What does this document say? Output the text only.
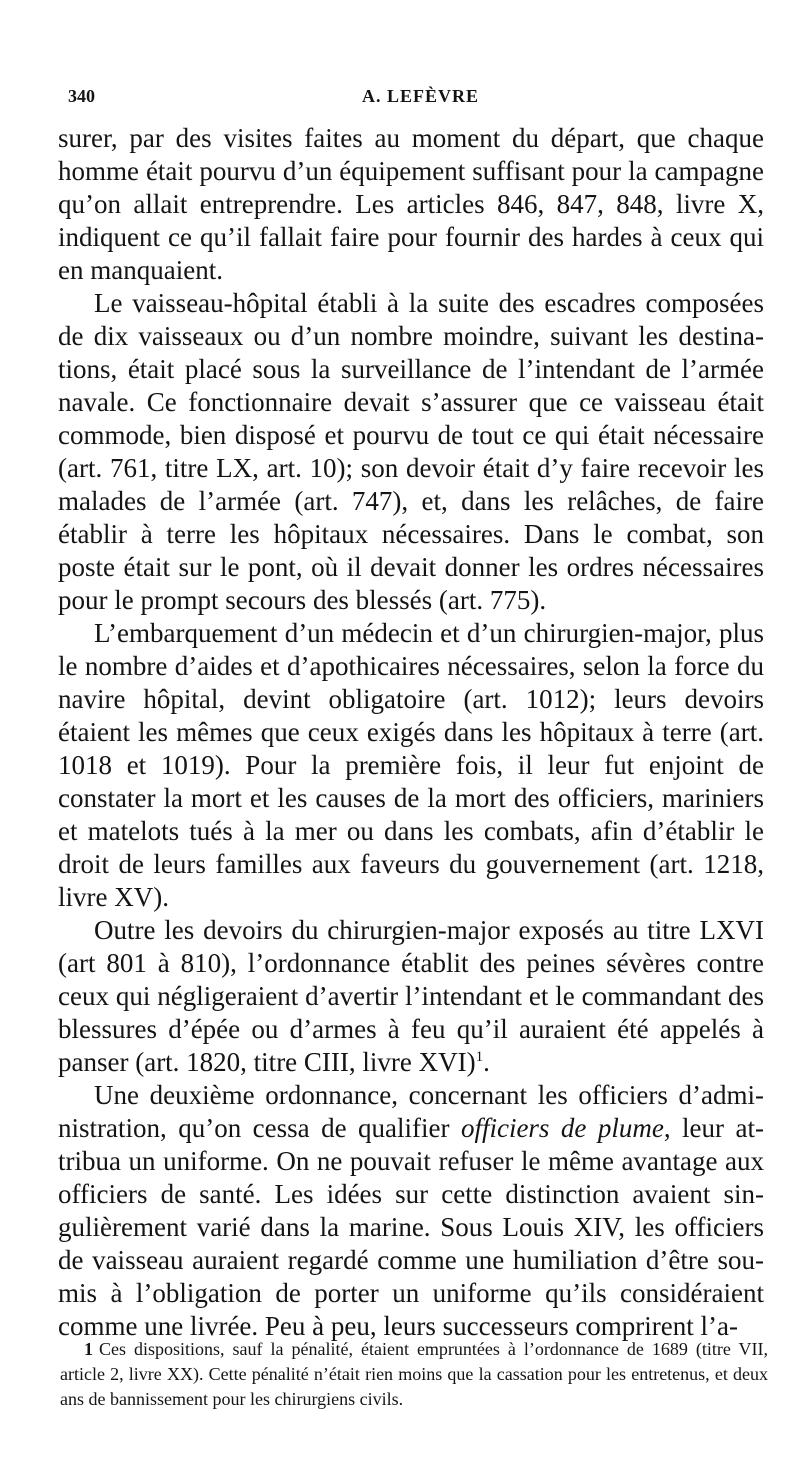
340	A. LEFÈVRE

surer, par des visites faites au moment du départ, que chaque homme était pourvu d’un équipement suffisant pour la campagne qu’on allait entreprendre. Les articles 846, 847, 848, livre X, indiquent ce qu’il fallait faire pour fournir des hardes à ceux qui en manquaient.

Le vaisseau-hôpital établi à la suite des escadres composées de dix vaisseaux ou d’un nombre moindre, suivant les destinations, était placé sous la surveillance de l’intendant de l’armée navale. Ce fonctionnaire devait s’assurer que ce vaisseau était commode, bien disposé et pourvu de tout ce qui était nécessaire (art. 761, titre LX, art. 10); son devoir était d’y faire recevoir les malades de l’armée (art. 747), et, dans les relâches, de faire établir à terre les hôpitaux nécessaires. Dans le combat, son poste était sur le pont, où il devait donner les ordres nécessaires pour le prompt secours des blessés (art. 775).

L’embarquement d’un médecin et d’un chirurgien-major, plus le nombre d’aides et d’apothicaires nécessaires, selon la force du navire hôpital, devint obligatoire (art. 1012); leurs devoirs étaient les mêmes que ceux exigés dans les hôpitaux à terre (art. 1018 et 1019). Pour la première fois, il leur fut enjoint de constater la mort et les causes de la mort des officiers, mariniers et matelots tués à la mer ou dans les combats, afin d’établir le droit de leurs familles aux faveurs du gouvernement (art. 1218, livre XV).

Outre les devoirs du chirurgien-major exposés au titre LXVI (art 801 à 810), l’ordonnance établit des peines sévères contre ceux qui négligeraient d’avertir l’intendant et le commandant des blessures d’épée ou d’armes à feu qu’il auraient été appelés à panser (art. 1820, titre CIII, livre XVI)$^1$.

Une deuxième ordonnance, concernant les officiers d’administration, qu’on cessa de qualifier officiers de plume, leur attribua un uniforme. On ne pouvait refuser le même avantage aux officiers de santé. Les idées sur cette distinction avaient singulièrement varié dans la marine. Sous Louis XIV, les officiers de vaisseau auraient regardé comme une humiliation d’être soumis à l’obligation de porter un uniforme qu’ils considéraient comme une livrée. Peu à peu, leurs successeurs comprirent l’a-

1 Ces dispositions, sauf la pénalité, étaient empruntées à l’ordonnance de 1689 (titre VII, article 2, livre XX). Cette pénalité n’était rien moins que la cassation pour les entretenus, et deux ans de bannissement pour les chirurgiens civils.
